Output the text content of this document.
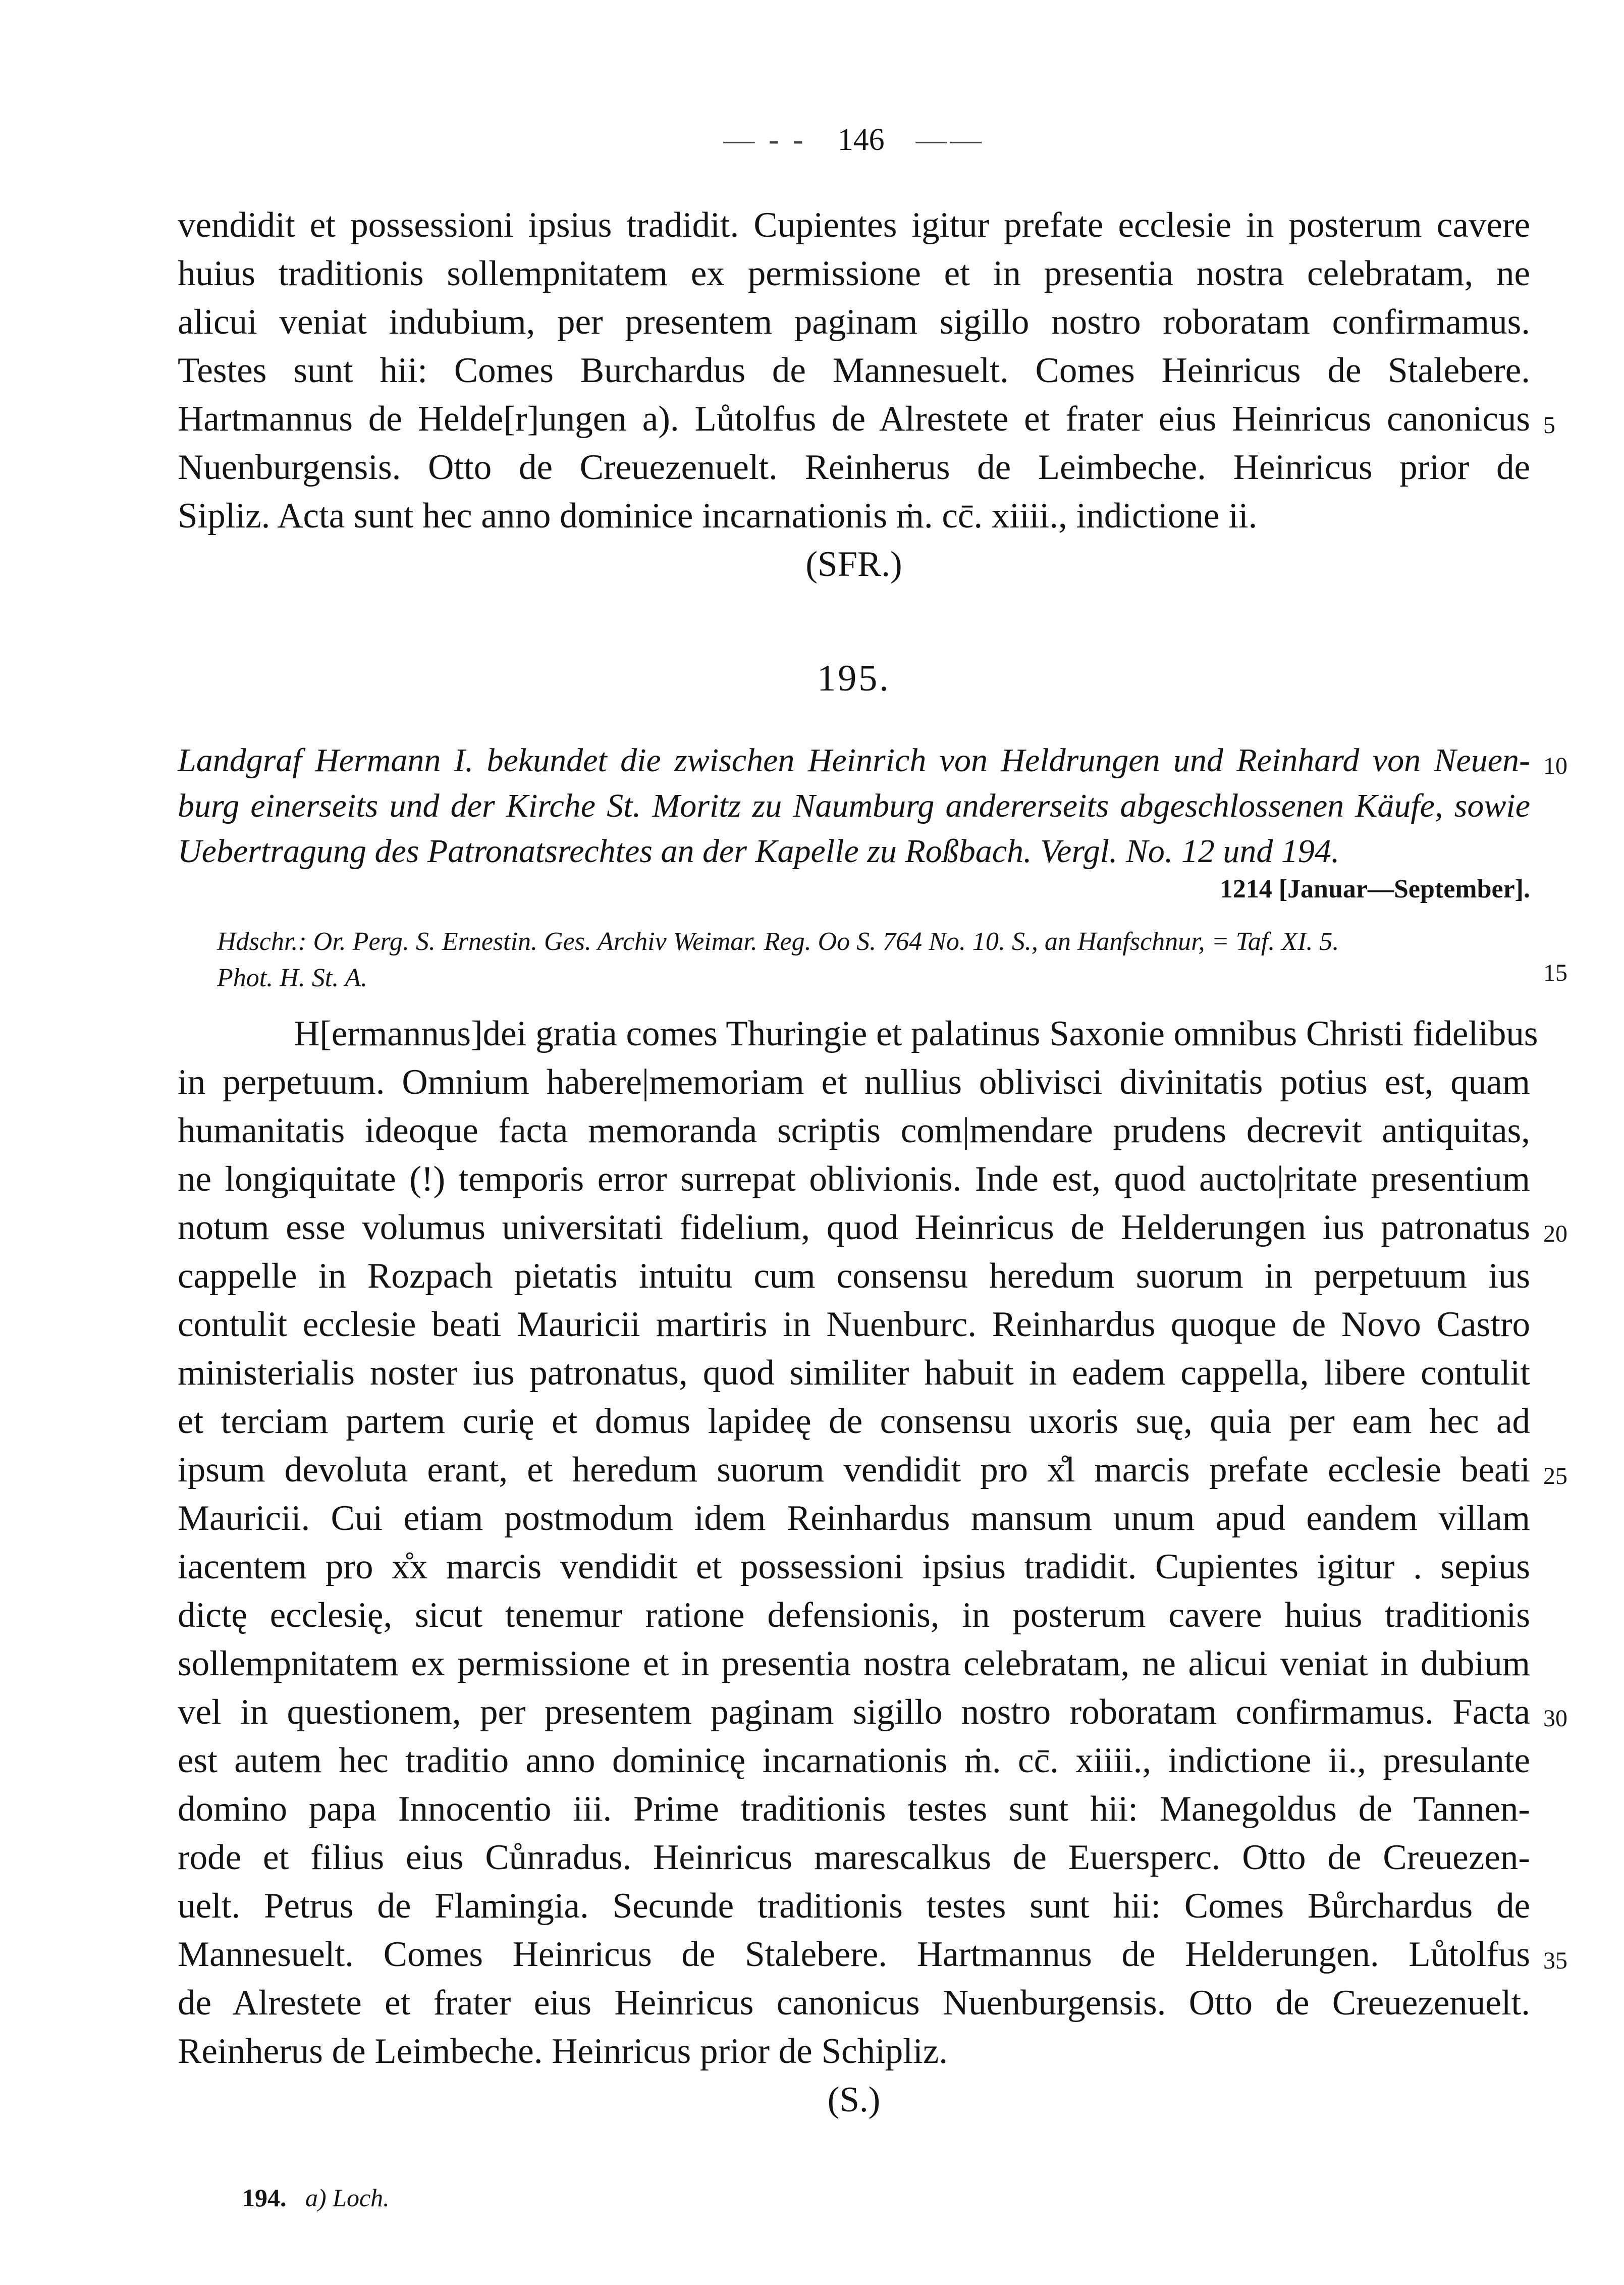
— - - 146 ——
vendidit et possessioni ipsius tradidit. Cupientes igitur prefate ecclesie in posterum cavere
huius traditionis sollempnitatem ex permissione et in presentia nostra celebratam, ne
alicui veniat indubium, per presentem paginam sigillo nostro roboratam confirmamus.
Testes sunt hii: Comes Burchardus de Mannesuelt. Comes Heinricus de Stalebere.
Hartmannus de Helde[r]ungen a). Lůtolfus de Alrestete et frater eius Heinricus canonicus
Nuenburgensis. Otto de Creuezenuelt. Reinherus de Leimbeche. Heinricus prior de
Sipliz. Acta sunt hec anno dominice incarnationis ṁ. cc̄. xiiii., indictione ii.
(SFR.)
195.
Landgraf Hermann I. bekundet die zwischen Heinrich von Heldrungen und Reinhard von Neuen-
burg einerseits und der Kirche St. Moritz zu Naumburg andererseits abgeschlossenen Käufe, sowie
Uebertragung des Patronatsrechtes an der Kapelle zu Roßbach. Vergl. No. 12 und 194.
1214 [Januar—September].
Hdschr.: Or. Perg. S. Ernestin. Ges. Archiv Weimar. Reg. Oo S. 764 No. 10. S., an Hanfschnur, = Taf. XI. 5.
Phot. H. St. A.
H[ermannus]dei gratia comes Thuringie et palatinus Saxonie omnibus Christi fidelibus
in perpetuum. Omnium habere|memoriam et nullius oblivisci divinitatis potius est, quam
humanitatis ideoque facta memoranda scriptis com|mendare prudens decrevit antiquitas,
ne longiquitate (!) temporis error surrepat oblivionis. Inde est, quod aucto|ritate presentium
notum esse volumus universitati fidelium, quod Heinricus de Helderungen ius patronatus
cappelle in Rozpach pietatis intuitu cum consensu heredum suorum in perpetuum ius
contulit ecclesie beati Mauricii martiris in Nuenburc. Reinhardus quoque de Novo Castro
ministerialis noster ius patronatus, quod similiter habuit in eadem cappella, libere contulit
et terciam partem curię et domus lapideę de consensu uxoris suę, quia per eam hec ad
ipsum devoluta erant, et heredum suorum vendidit pro x̊l marcis prefate ecclesie beati
Mauricii. Cui etiam postmodum idem Reinhardus mansum unum apud eandem villam
iacentem pro x̊x marcis vendidit et possessioni ipsius tradidit. Cupientes igitur . sepius
dictę ecclesię, sicut tenemur ratione defensionis, in posterum cavere huius traditionis
sollempnitatem ex permissione et in presentia nostra celebratam, ne alicui veniat in dubium
vel in questionem, per presentem paginam sigillo nostro roboratam confirmamus. Facta
est autem hec traditio anno dominicę incarnationis ṁ. cc̄. xiiii., indictione ii., presulante
domino papa Innocentio iii. Prime traditionis testes sunt hii: Manegoldus de Tannen-
rode et filius eius Cůnradus. Heinricus marescalkus de Euersperc. Otto de Creuezen-
uelt. Petrus de Flamingia. Secunde traditionis testes sunt hii: Comes Bůrchardus de
Mannesuelt. Comes Heinricus de Stalebere. Hartmannus de Helderungen. Lůtolfus
de Alrestete et frater eius Heinricus canonicus Nuenburgensis. Otto de Creuezenuelt.
Reinherus de Leimbeche. Heinricus prior de Schipliz.
(S.)
5
10
15
20
25
30
35
194. a) Loch.
